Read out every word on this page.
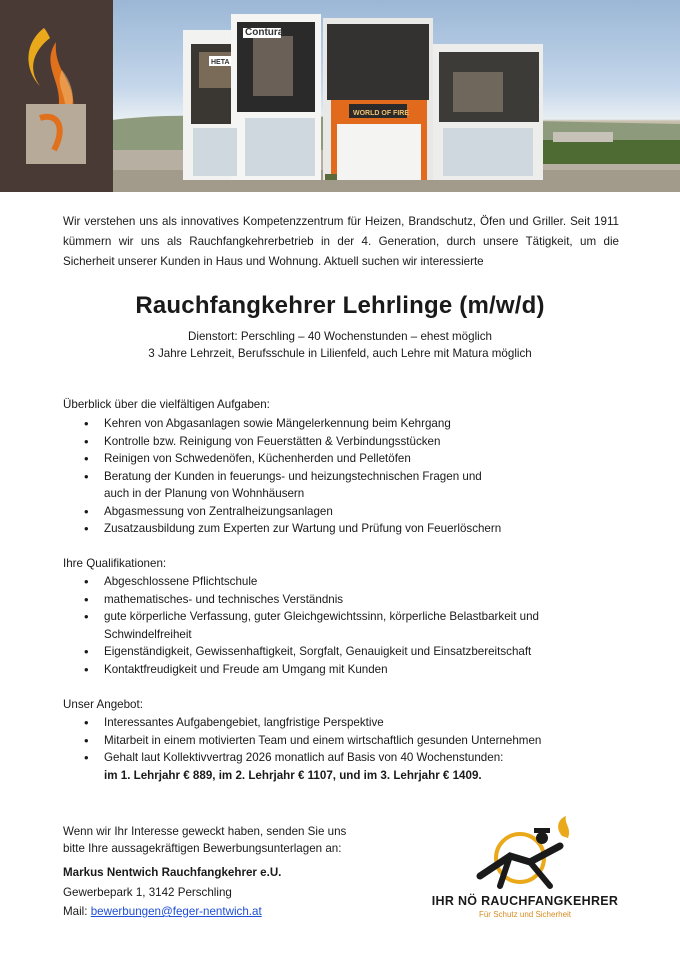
Contura
HETA
WORLD OF FIRE

Wir verstehen uns als innovatives Kompetenzzentrum für Heizen, Brandschutz, Öfen und Griller. Seit 1911 kümmern wir uns als Rauchfangkehrerbetrieb in der 4. Generation, durch unsere Tätigkeit, um die Sicherheit unserer Kunden in Haus und Wohnung. Aktuell suchen wir interessierte

Rauchfangkehrer Lehrlinge (m/w/d)
Dienstort: Perschling – 40 Wochenstunden – ehest möglich
3 Jahre Lehrzeit, Berufsschule in Lilienfeld, auch Lehre mit Matura möglich
Überblick über die vielfältigen Aufgaben:
• Kehren von Abgasanlagen sowie Mängelerkennung beim Kehrgang
• Kontrolle bzw. Reinigung von Feuerstätten & Verbindungsstücken
• Reinigen von Schwedenöfen, Küchenherden und Pelletöfen
• Beratung der Kunden in feuerungs- und heizungstechnischen Fragen und
auch in der Planung von Wohnhäusern
• Abgasmessung von Zentralheizungsanlagen
• Zusatzausbildung zum Experten zur Wartung und Prüfung von Feuerlöschern
Ihre Qualifikationen:
• Abgeschlossene Pflichtschule
• mathematisches- und technisches Verständnis
• gute körperliche Verfassung, guter Gleichgewichtssinn, körperliche Belastbarkeit und
Schwindelfreiheit
• Eigenständigkeit, Gewissenhaftigkeit, Sorgfalt, Genauigkeit und Einsatzbereitschaft
• Kontaktfreudigkeit und Freude am Umgang mit Kunden
Unser Angebot:
• Interessantes Aufgabengebiet, langfristige Perspektive
• Mitarbeit in einem motivierten Team und einem wirtschaftlich gesunden Unternehmen
• Gehalt laut Kollektivvertrag 2026 monatlich auf Basis von 40 Wochenstunden:
im 1. Lehrjahr € 889, im 2. Lehrjahr € 1107, und im 3. Lehrjahr € 1409.
Wenn wir Ihr Interesse geweckt haben, senden Sie uns
bitte Ihre aussagekräftigen Bewerbungsunterlagen an:
Markus Nentwich Rauchfangkehrer e.U.
Gewerbepark 1, 3142 Perschling
Mail: bewerbungen@feger-nentwich.at
IHR NÖ RAUCHFANGKEHRER
Für Schutz und Sicherheit
